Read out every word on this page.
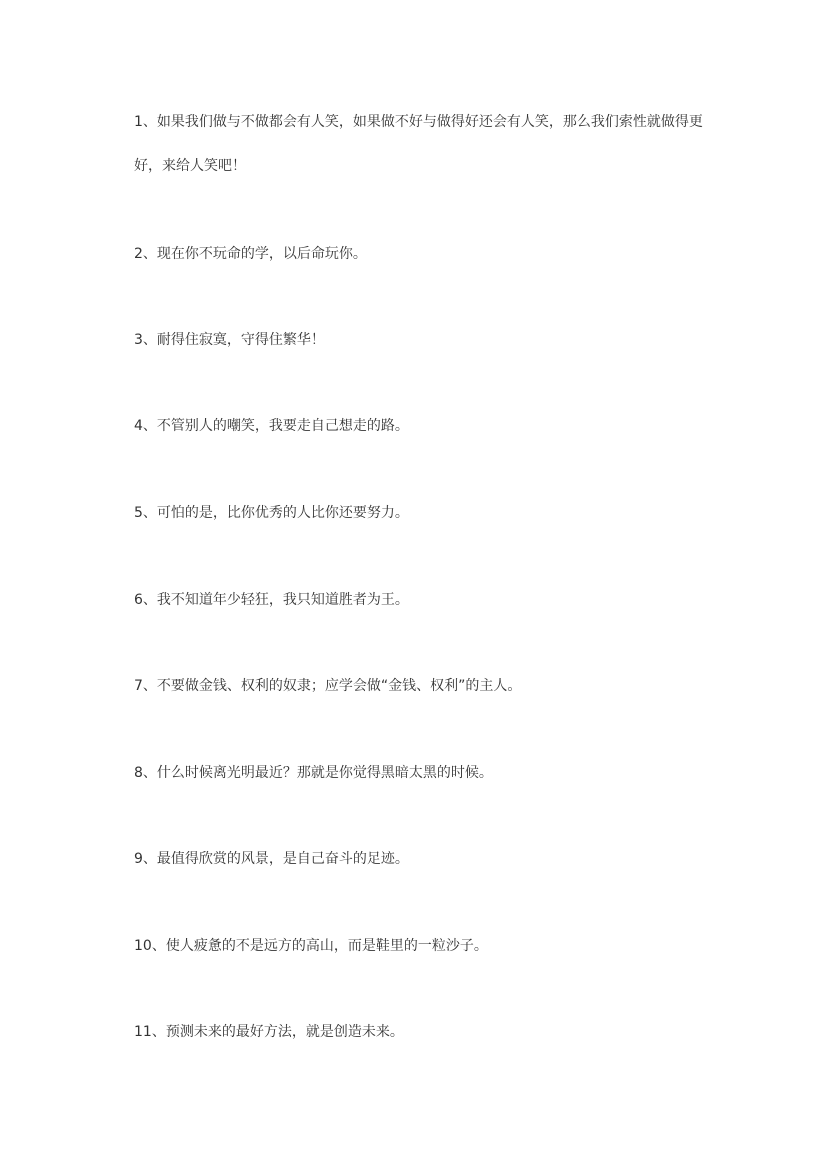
1、如果我们做与不做都会有人笑，如果做不好与做得好还会有人笑，那么我们索性就做得更好，来给人笑吧！

2、现在你不玩命的学，以后命玩你。

3、耐得住寂寞，守得住繁华！

4、不管别人的嘲笑，我要走自己想走的路。

5、可怕的是，比你优秀的人比你还要努力。

6、我不知道年少轻狂，我只知道胜者为王。

7、不要做金钱、权利的奴隶；应学会做“金钱、权利”的主人。

8、什么时候离光明最近？那就是你觉得黑暗太黑的时候。

9、最值得欣赏的风景，是自己奋斗的足迹。

10、使人疲惫的不是远方的高山，而是鞋里的一粒沙子。

11、预测未来的最好方法，就是创造未来。
